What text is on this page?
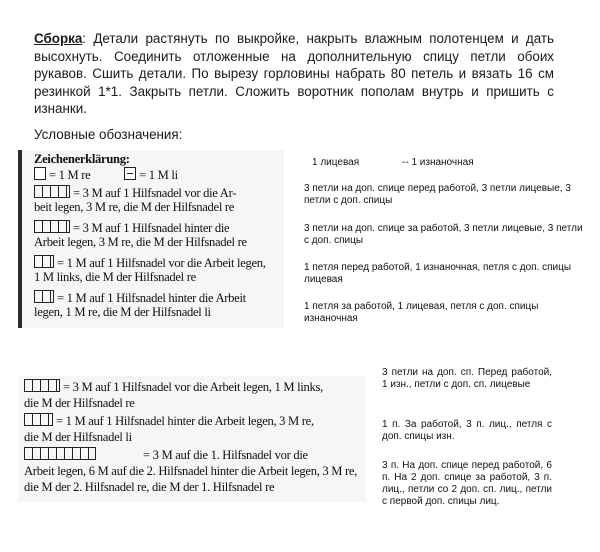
Сборка: Детали растянуть по выкройке, накрыть влажным полотенцем и дать высохнуть. Соединить отложенные на дополнительную спицу петли обоих рукавов. Сшить детали. По вырезу горловины набрать 80 петель и вязать 16 см резинкой 1*1. Закрыть петли. Сложить воротник пополам внутрь и пришить с изнанки.
Условные обозначения:
Zeichenerklärung:
= 1 M re	= 1 M li
= 3 M auf 1 Hilfsnadel vor die Ar-
beit legen, 3 M re, die M der Hilfsnadel re
= 3 M auf 1 Hilfsnadel hinter die
Arbeit legen, 3 M re, die M der Hilfsnadel re
= 1 M auf 1 Hilfsnadel vor die Arbeit legen,
1 M links, die M der Hilfsnadel re
= 1 M auf 1 Hilfsnadel hinter die Arbeit
legen, 1 M re, die M der Hilfsnadel li
1 лицевая	-- 1 изнаночная
3 петли на доп. спице перед работой, 3 петли лицевые, 3 петли с доп. спицы
3 петли на доп. спице за работой, 3 петли лицевые, 3 петли с доп. спицы
1 петля перед работой, 1 изнаночная, петля с доп. спицы лицевая
1 петля за работой, 1 лицевая, петля с доп. спицы изнаночная
= 3 M auf 1 Hilfsnadel vor die Arbeit legen, 1 M links,
die M der Hilfsnadel re
= 1 M auf 1 Hilfsnadel hinter die Arbeit legen, 3 M re,
die M der Hilfsnadel li
= 3 M auf die 1. Hilfsnadel vor die
Arbeit legen, 6 M auf die 2. Hilfsnadel hinter die Arbeit legen, 3 M re,
die M der 2. Hilfsnadel re, die M der 1. Hilfsnadel re
3 петли на доп. сп. Перед работой, 1 изн., петли с доп. сп. лицевые
1 п. За работой, 3 п. лиц., петля с доп. спицы изн.
3 п. На доп. спице перед работой, 6 п. На 2 доп. спице за работой, 3 п. лиц., петли со 2 доп. сп. лиц., петли с первой доп. спицы лиц.
